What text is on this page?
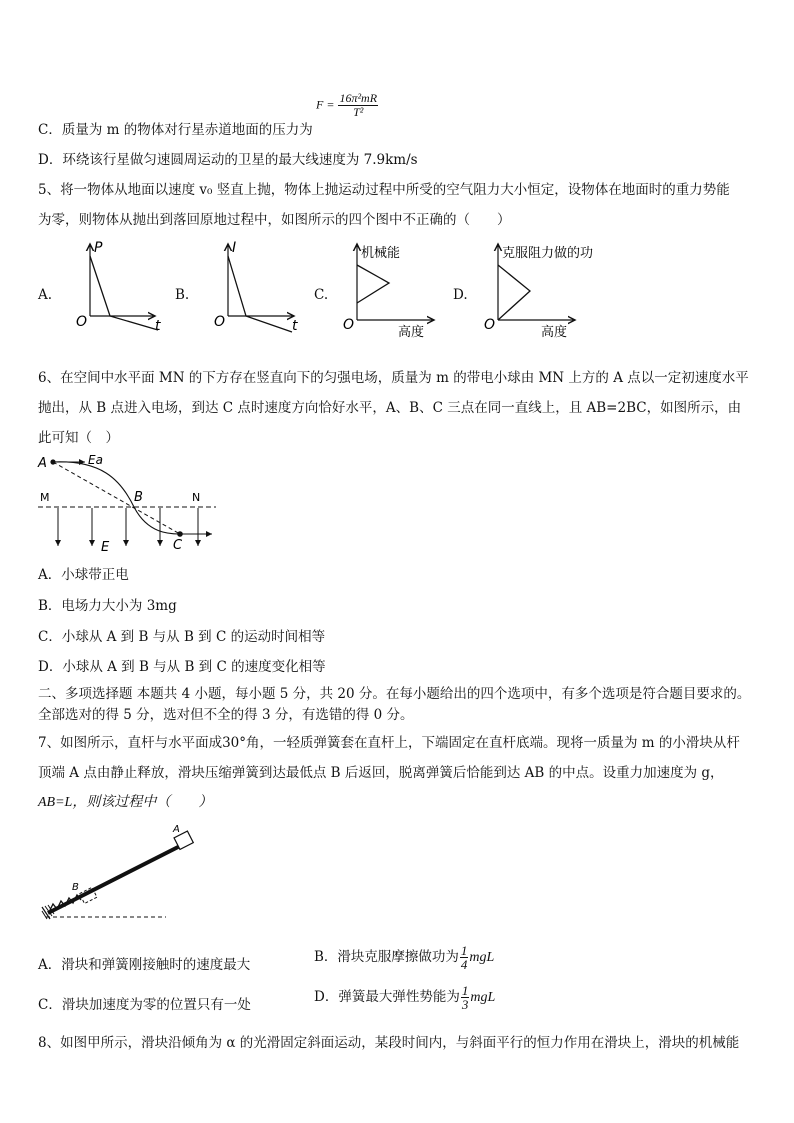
$F = \frac{\text{16π²mR}}{\text{T²}}$
C．质量为 m 的物体对行星赤道地面的压力为
D．环绕该行星做匀速圆周运动的卫星的最大线速度为 7.9km/s
5、将一物体从地面以速度 v₀ 竖直上抛，物体上抛运动过程中所受的空气阻力大小恒定，设物体在地面时的重力势能
为零，则物体从抛出到落回原地过程中，如图所示的四个图中不正确的（　　）
A.	B.	C.	D.
P
t
O
I
t
O
机械能
高度
O
克服阻力做的功
高度
O
6、在空间中水平面 MN 的下方存在竖直向下的匀强电场，质量为 m 的带电小球由 MN 上方的 A 点以一定初速度水平
抛出，从 B 点进入电场，到达 C 点时速度方向恰好水平，A、B、C 三点在同一直线上，且 AB=2BC，如图所示，由
此可知（　）
A	Ea
M	N
B
C
E
A．小球带正电
B．电场力大小为 3mg
C．小球从 A 到 B 与从 B 到 C 的运动时间相等
D．小球从 A 到 B 与从 B 到 C 的速度变化相等
二、多项选择题 本题共 4 小题，每小题 5 分，共 20 分。在每小题给出的四个选项中，有多个选项是符合题目要求的。
全部选对的得 5 分，选对但不全的得 3 分，有选错的得 0 分。
7、如图所示，直杆与水平面成30°角，一轻质弹簧套在直杆上，下端固定在直杆底端。现将一质量为 m 的小滑块从杆
顶端 A 点由静止释放，滑块压缩弹簧到达最低点 B 后返回，脱离弹簧后恰能到达 AB 的中点。设重力加速度为 g，
AB=L，则该过程中（　　）
A
B
A．滑块和弹簧刚接触时的速度最大	B．滑块克服摩擦做功为 $\frac{1}{4}$ mgL
C．滑块加速度为零的位置只有一处	D．弹簧最大弹性势能为 $\frac{1}{3}$ mgL
8、如图甲所示，滑块沿倾角为 α 的光滑固定斜面运动，某段时间内，与斜面平行的恒力作用在滑块上，滑块的机械能
